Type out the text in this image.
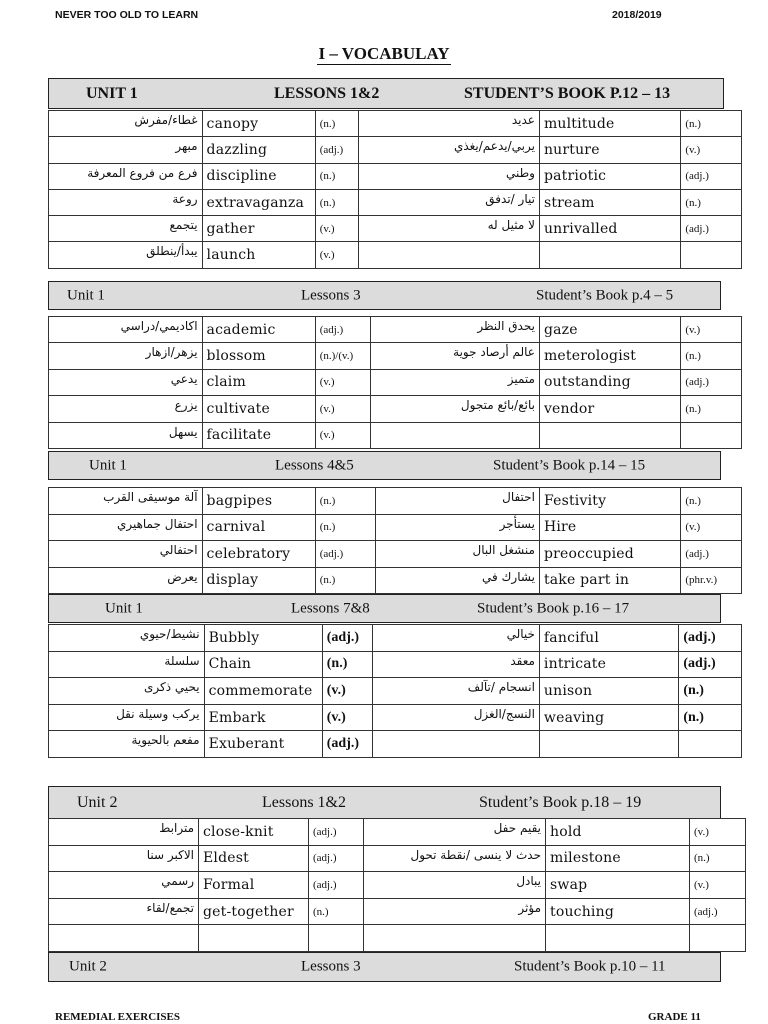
NEVER TOO OLD TO LEARN	2018/2019
I – VOCABULAY
UNIT 1	LESSONS 1&2	STUDENT’S BOOK P.12 – 13
غطاء/مفرش	canopy	(n.)	عديد	multitude	(n.)
مبهر	dazzling	(adj.)	يربي/يدعم/يغذي	nurture	(v.)
فرع من فروع المعرفة	discipline	(n.)	وطني	patriotic	(adj.)
روعة	extravaganza	(n.)	تيار /تدفق	stream	(n.)
يتجمع	gather	(v.)	لا مثيل له	unrivalled	(adj.)
يبدأ/ينطلق	launch	(v.)			
Unit 1	Lessons 3	Student’s Book p.4 – 5
اكاديمي/دراسي	academic	(adj.)	يحدق النظر	gaze	(v.)
يزهر/ازهار	blossom	(n.)/(v.)	عالم أرصاد جوية	meterologist	(n.)
يدعي	claim	(v.)	متميز	outstanding	(adj.)
يزرع	cultivate	(v.)	بائع/بائع متجول	vendor	(n.)
يسهل	facilitate	(v.)			
Unit 1	Lessons 4&5	Student’s Book p.14 – 15
آلة موسيقى القرب	bagpipes	(n.)	احتفال	Festivity	(n.)
احتفال جماهيري	carnival	(n.)	يستأجر	Hire	(v.)
احتفالي	celebratory	(adj.)	منشغل البال	preoccupied	(adj.)
يعرض	display	(n.)	يشارك في	take part in	(phr.v.)
Unit 1	Lessons 7&8	Student’s Book p.16 – 17
نشيط/حيوي	Bubbly	(adj.)	خيالي	fanciful	(adj.)
سلسلة	Chain	(n.)	معقد	intricate	(adj.)
يحيي ذكرى	commemorate	(v.)	انسجام /تآلف	unison	(n.)
يركب وسيلة نقل	Embark	(v.)	النسج/الغزل	weaving	(n.)
مفعم بالحيوية	Exuberant	(adj.)			
Unit 2	Lessons 1&2	Student’s Book p.18 – 19
مترابط	close-knit	(adj.)	يقيم حفل	hold	(v.)
الاكبر سنا	Eldest	(adj.)	حدث لا ينسى /نقطة تحول	milestone	(n.)
رسمي	Formal	(adj.)	يبادل	swap	(v.)
تجمع/لقاء	get-together	(n.)	مؤثر	touching	(adj.)

Unit 2	Lessons 3	Student’s Book p.10 – 11
REMEDIAL EXERCISES	GRADE 11
